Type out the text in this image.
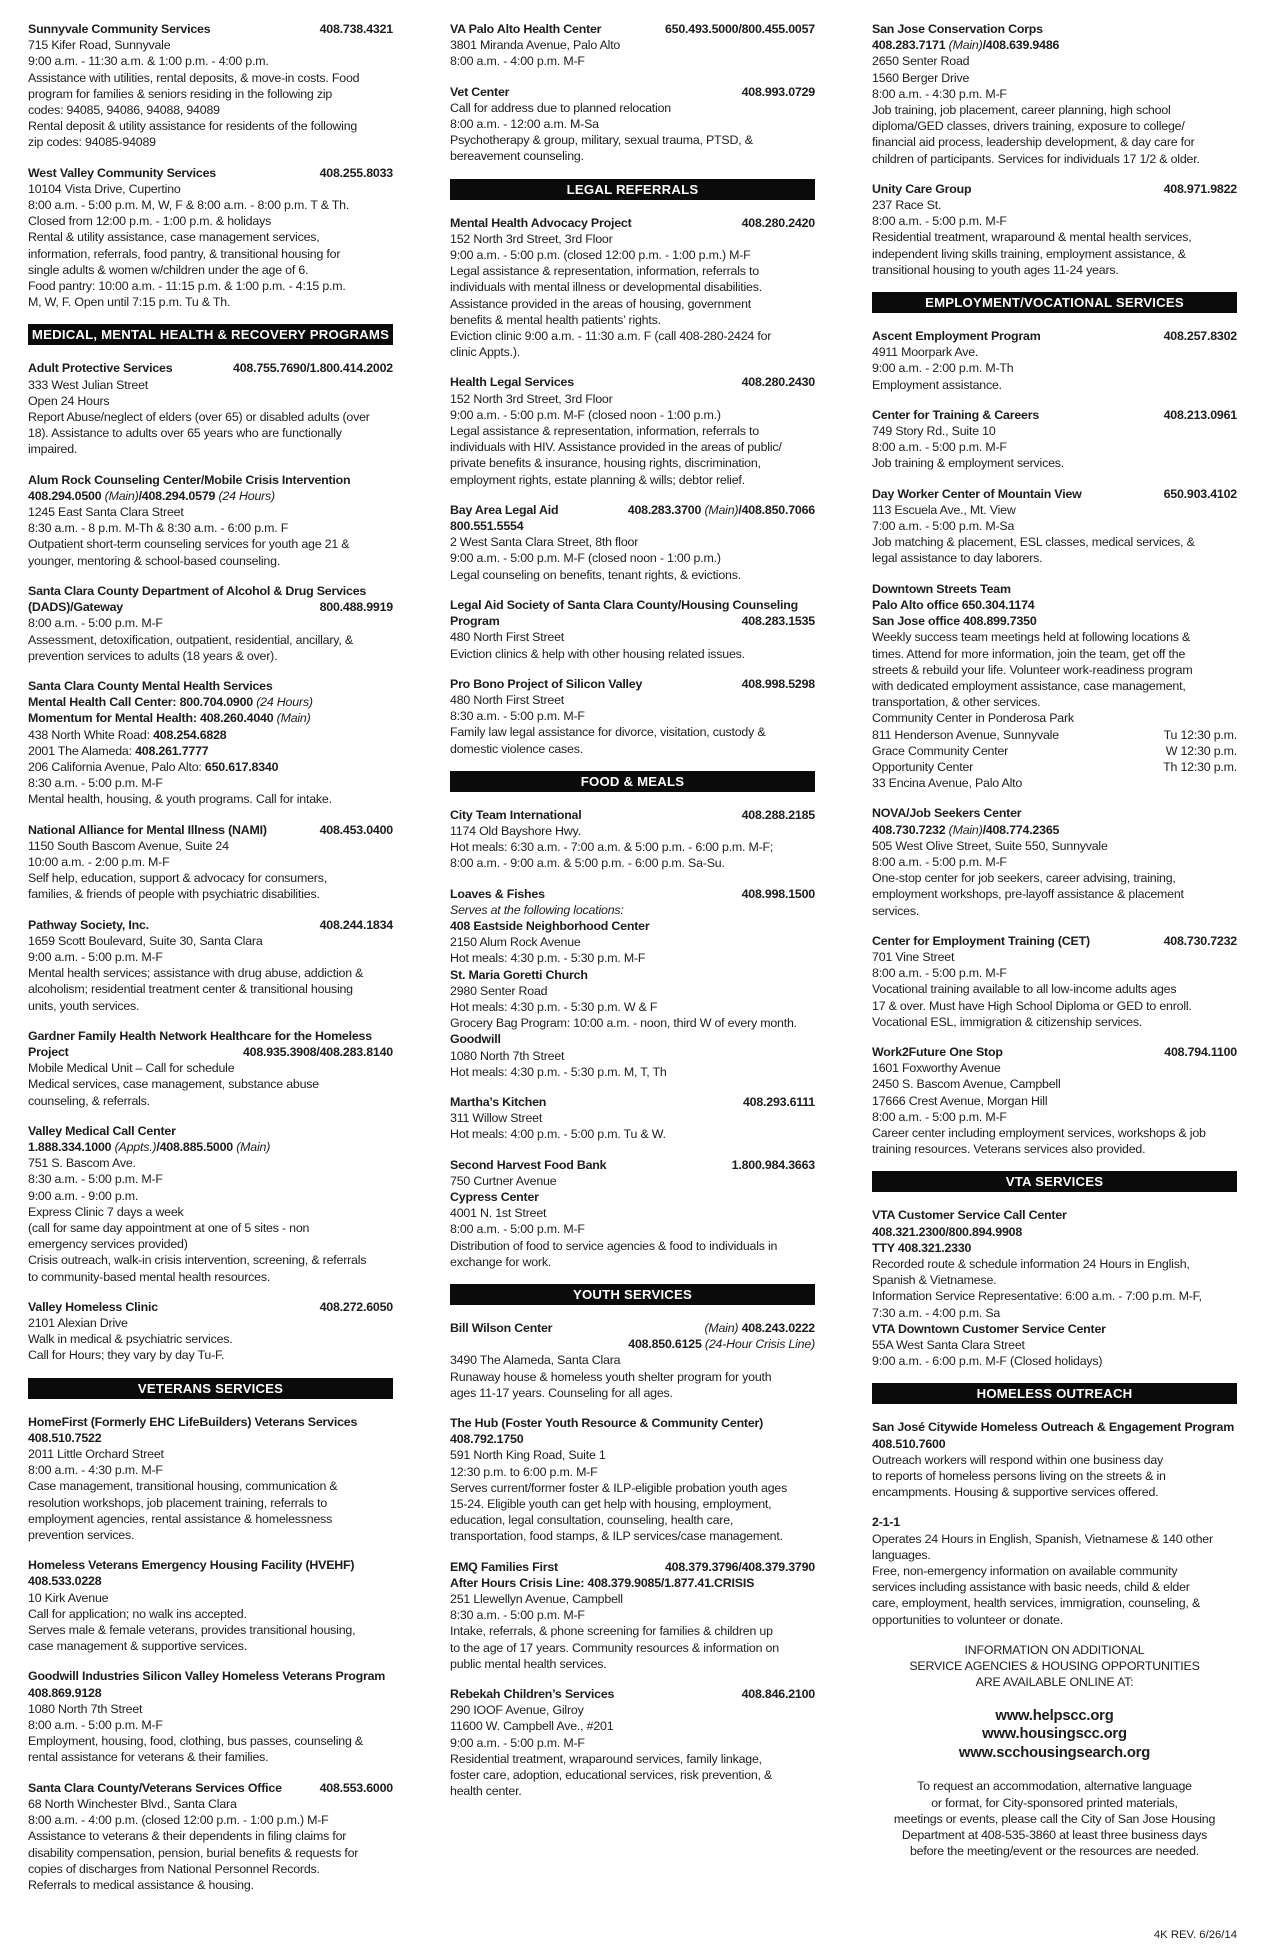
Sunnyvale Community Services	408.738.4321
715 Kifer Road, Sunnyvale
9:00 a.m. - 11:30 a.m. & 1:00 p.m. - 4:00 p.m.
Assistance with utilities, rental deposits, & move-in costs. Food
program for families & seniors residing in the following zip
codes: 94085, 94086, 94088, 94089
Rental deposit & utility assistance for residents of the following
zip codes: 94085-94089
West Valley Community Services	408.255.8033
10104 Vista Drive, Cupertino
8:00 a.m. - 5:00 p.m. M, W, F & 8:00 a.m. - 8:00 p.m. T & Th.
Closed from 12:00 p.m. - 1:00 p.m. & holidays
Rental & utility assistance, case management services,
information, referrals, food pantry, & transitional housing for
single adults & women w/children under the age of 6.
Food pantry: 10:00 a.m. - 11:15 p.m. & 1:00 p.m. - 4:15 p.m.
M, W, F. Open until 7:15 p.m. Tu & Th.
MEDICAL, MENTAL HEALTH & RECOVERY PROGRAMS
Adult Protective Services	408.755.7690/1.800.414.2002
333 West Julian Street
Open 24 Hours
Report Abuse/neglect of elders (over 65) or disabled adults (over
18). Assistance to adults over 65 years who are functionally impaired.
Alum Rock Counseling Center/Mobile Crisis Intervention
408.294.0500 (Main)/408.294.0579 (24 Hours)
1245 East Santa Clara Street
8:30 a.m. - 8 p.m. M-Th & 8:30 a.m. - 6:00 p.m. F
Outpatient short-term counseling services for youth age 21 &
younger, mentoring & school-based counseling.
Santa Clara County Department of Alcohol & Drug Services
(DADS)/Gateway	800.488.9919
8:00 a.m. - 5:00 p.m. M-F
Assessment, detoxification, outpatient, residential, ancillary, &
prevention services to adults (18 years & over).
Santa Clara County Mental Health Services
Mental Health Call Center: 800.704.0900 (24 Hours)
Momentum for Mental Health: 408.260.4040 (Main)
438 North White Road: 408.254.6828
2001 The Alameda: 408.261.7777
206 California Avenue, Palo Alto: 650.617.8340
8:30 a.m. - 5:00 p.m. M-F
Mental health, housing, & youth programs. Call for intake.
National Alliance for Mental Illness (NAMI)	408.453.0400
1150 South Bascom Avenue, Suite 24
10:00 a.m. - 2:00 p.m. M-F
Self help, education, support & advocacy for consumers,
families, & friends of people with psychiatric disabilities.
Pathway Society, Inc.	408.244.1834
1659 Scott Boulevard, Suite 30, Santa Clara
9:00 a.m. - 5:00 p.m. M-F
Mental health services; assistance with drug abuse, addiction &
alcoholism; residential treatment center & transitional housing
units, youth services.
Gardner Family Health Network Healthcare for the Homeless
Project	408.935.3908/408.283.8140
Mobile Medical Unit – Call for schedule
Medical services, case management, substance abuse
counseling, & referrals.
Valley Medical Call Center
1.888.334.1000 (Appts.)/408.885.5000 (Main)
751 S. Bascom Ave.
8:30 a.m. - 5:00 p.m. M-F
9:00 a.m. - 9:00 p.m.
Express Clinic 7 days a week
(call for same day appointment at one of 5 sites - non
emergency services provided)
Crisis outreach, walk-in crisis intervention, screening, & referrals
to community-based mental health resources.
Valley Homeless Clinic	408.272.6050
2101 Alexian Drive
Walk in medical & psychiatric services.
Call for Hours; they vary by day Tu-F.
VETERANS SERVICES
HomeFirst (Formerly EHC LifeBuilders) Veterans Services
408.510.7522
2011 Little Orchard Street
8:00 a.m. - 4:30 p.m. M-F
Case management, transitional housing, communication &
resolution workshops, job placement training, referrals to
employment agencies, rental assistance & homelessness
prevention services.
Homeless Veterans Emergency Housing Facility (HVEHF)
408.533.0228
10 Kirk Avenue
Call for application; no walk ins accepted.
Serves male & female veterans, provides transitional housing,
case management & supportive services.
Goodwill Industries Silicon Valley Homeless Veterans Program
408.869.9128
1080 North 7th Street
8:00 a.m. - 5:00 p.m. M-F
Employment, housing, food, clothing, bus passes, counseling &
rental assistance for veterans & their families.
Santa Clara County/Veterans Services Office	408.553.6000
68 North Winchester Blvd., Santa Clara
8:00 a.m. - 4:00 p.m. (closed 12:00 p.m. - 1:00 p.m.) M-F
Assistance to veterans & their dependents in filing claims for
disability compensation, pension, burial benefits & requests for
copies of discharges from National Personnel Records.
Referrals to medical assistance & housing.
VA Palo Alto Health Center	650.493.5000/800.455.0057
3801 Miranda Avenue, Palo Alto
8:00 a.m. - 4:00 p.m. M-F
Vet Center	408.993.0729
Call for address due to planned relocation
8:00 a.m. - 12:00 a.m. M-Sa
Psychotherapy & group, military, sexual trauma, PTSD, &
bereavement counseling.
LEGAL REFERRALS
Mental Health Advocacy Project	408.280.2420
152 North 3rd Street, 3rd Floor
9:00 a.m. - 5:00 p.m. (closed 12:00 p.m. - 1:00 p.m.) M-F
Legal assistance & representation, information, referrals to
individuals with mental illness or developmental disabilities.
Assistance provided in the areas of housing, government
benefits & mental health patients’ rights.
Eviction clinic 9:00 a.m. - 11:30 a.m. F (call 408-280-2424 for
clinic Appts.).
Health Legal Services	408.280.2430
152 North 3rd Street, 3rd Floor
9:00 a.m. - 5:00 p.m. M-F (closed noon - 1:00 p.m.)
Legal assistance & representation, information, referrals to
individuals with HIV. Assistance provided in the areas of public/
private benefits & insurance, housing rights, discrimination,
employment rights, estate planning & wills; debtor relief.
Bay Area Legal Aid	408.283.3700 (Main)/408.850.7066
800.551.5554
2 West Santa Clara Street, 8th floor
9:00 a.m. - 5:00 p.m. M-F (closed noon - 1:00 p.m.)
Legal counseling on benefits, tenant rights, & evictions.
Legal Aid Society of Santa Clara County/Housing Counseling
Program	408.283.1535
480 North First Street
Eviction clinics & help with other housing related issues.
Pro Bono Project of Silicon Valley	408.998.5298
480 North First Street
8:30 a.m. - 5:00 p.m. M-F
Family law legal assistance for divorce, visitation, custody &
domestic violence cases.
FOOD & MEALS
City Team International	408.288.2185
1174 Old Bayshore Hwy.
Hot meals: 6:30 a.m. - 7:00 a.m. & 5:00 p.m. - 6:00 p.m. M-F;
8:00 a.m. - 9:00 a.m. & 5:00 p.m. - 6:00 p.m. Sa-Su.
Loaves & Fishes	408.998.1500
Serves at the following locations:
408 Eastside Neighborhood Center
2150 Alum Rock Avenue
Hot meals: 4:30 p.m. - 5:30 p.m. M-F
St. Maria Goretti Church
2980 Senter Road
Hot meals: 4:30 p.m. - 5:30 p.m. W & F
Grocery Bag Program: 10:00 a.m. - noon, third W of every month.
Goodwill
1080 North 7th Street
Hot meals: 4:30 p.m. - 5:30 p.m. M, T, Th
Martha’s Kitchen	408.293.6111
311 Willow Street
Hot meals: 4:00 p.m. - 5:00 p.m. Tu & W.
Second Harvest Food Bank	1.800.984.3663
750 Curtner Avenue
Cypress Center
4001 N. 1st Street
8:00 a.m. - 5:00 p.m. M-F
Distribution of food to service agencies & food to individuals in
exchange for work.
YOUTH SERVICES
Bill Wilson Center	(Main) 408.243.0222
408.850.6125 (24-Hour Crisis Line)
3490 The Alameda, Santa Clara
Runaway house & homeless youth shelter program for youth
ages 11-17 years. Counseling for all ages.
The Hub (Foster Youth Resource & Community Center)
408.792.1750
591 North King Road, Suite 1
12:30 p.m. to 6:00 p.m. M-F
Serves current/former foster & ILP-eligible probation youth ages
15-24. Eligible youth can get help with housing, employment,
education, legal consultation, counseling, health care,
transportation, food stamps, & ILP services/case management.
EMQ Families First	408.379.3796/408.379.3790
After Hours Crisis Line: 408.379.9085/1.877.41.CRISIS
251 Llewellyn Avenue, Campbell
8:30 a.m. - 5:00 p.m. M-F
Intake, referrals, & phone screening for families & children up
to the age of 17 years. Community resources & information on
public mental health services.
Rebekah Children’s Services	408.846.2100
290 IOOF Avenue, Gilroy
11600 W. Campbell Ave., #201
9:00 a.m. - 5:00 p.m. M-F
Residential treatment, wraparound services, family linkage,
foster care, adoption, educational services, risk prevention, &
health center.
San Jose Conservation Corps
408.283.7171 (Main)/408.639.9486
2650 Senter Road
1560 Berger Drive
8:00 a.m. - 4:30 p.m. M-F
Job training, job placement, career planning, high school
diploma/GED classes, drivers training, exposure to college/
financial aid process, leadership development, & day care for
children of participants. Services for individuals 17 1/2 & older.
Unity Care Group	408.971.9822
237 Race St.
8:00 a.m. - 5:00 p.m. M-F
Residential treatment, wraparound & mental health services,
independent living skills training, employment assistance, &
transitional housing to youth ages 11-24 years.
EMPLOYMENT/VOCATIONAL SERVICES
Ascent Employment Program	408.257.8302
4911 Moorpark Ave.
9:00 a.m. - 2:00 p.m. M-Th
Employment assistance.
Center for Training & Careers	408.213.0961
749 Story Rd., Suite 10
8:00 a.m. - 5:00 p.m. M-F
Job training & employment services.
Day Worker Center of Mountain View	650.903.4102
113 Escuela Ave., Mt. View
7:00 a.m. - 5:00 p.m. M-Sa
Job matching & placement, ESL classes, medical services, &
legal assistance to day laborers.
Downtown Streets Team
Palo Alto office 650.304.1174
San Jose office 408.899.7350
Weekly success team meetings held at following locations &
times. Attend for more information, join the team, get off the
streets & rebuild your life. Volunteer work-readiness program
with dedicated employment assistance, case management,
transportation, & other services.
Community Center in Ponderosa Park
811 Henderson Avenue, Sunnyvale	Tu 12:30 p.m.
Grace Community Center	W 12:30 p.m.
Opportunity Center	Th 12:30 p.m.
33 Encina Avenue, Palo Alto
NOVA/Job Seekers Center
408.730.7232 (Main)/408.774.2365
505 West Olive Street, Suite 550, Sunnyvale
8:00 a.m. - 5:00 p.m. M-F
One-stop center for job seekers, career advising, training,
employment workshops, pre-layoff assistance & placement
services.
Center for Employment Training (CET)	408.730.7232
701 Vine Street
8:00 a.m. - 5:00 p.m. M-F
Vocational training available to all low-income adults ages
17 & over. Must have High School Diploma or GED to enroll.
Vocational ESL, immigration & citizenship services.
Work2Future One Stop	408.794.1100
1601 Foxworthy Avenue
2450 S. Bascom Avenue, Campbell
17666 Crest Avenue, Morgan Hill
8:00 a.m. - 5:00 p.m. M-F
Career center including employment services, workshops & job
training resources. Veterans services also provided.
VTA SERVICES
VTA Customer Service Call Center
408.321.2300/800.894.9908
TTY 408.321.2330
Recorded route & schedule information 24 Hours in English,
Spanish & Vietnamese.
Information Service Representative: 6:00 a.m. - 7:00 p.m. M-F,
7:30 a.m. - 4:00 p.m. Sa
VTA Downtown Customer Service Center
55A West Santa Clara Street
9:00 a.m. - 6:00 p.m. M-F (Closed holidays)
HOMELESS OUTREACH
San José Citywide Homeless Outreach & Engagement Program
408.510.7600
Outreach workers will respond within one business day
to reports of homeless persons living on the streets & in
encampments. Housing & supportive services offered.
2-1-1
Operates 24 Hours in English, Spanish, Vietnamese & 140 other
languages.
Free, non-emergency information on available community
services including assistance with basic needs, child & elder
care, employment, health services, immigration, counseling, &
opportunities to volunteer or donate.
INFORMATION ON ADDITIONAL
SERVICE AGENCIES & HOUSING OPPORTUNITIES
ARE AVAILABLE ONLINE AT:
www.helpscc.org
www.housingscc.org
www.scchousingsearch.org
To request an accommodation, alternative language
or format, for City-sponsored printed materials,
meetings or events, please call the City of San Jose Housing
Department at 408-535-3860 at least three business days
before the meeting/event or the resources are needed.
4K REV. 6/26/14
